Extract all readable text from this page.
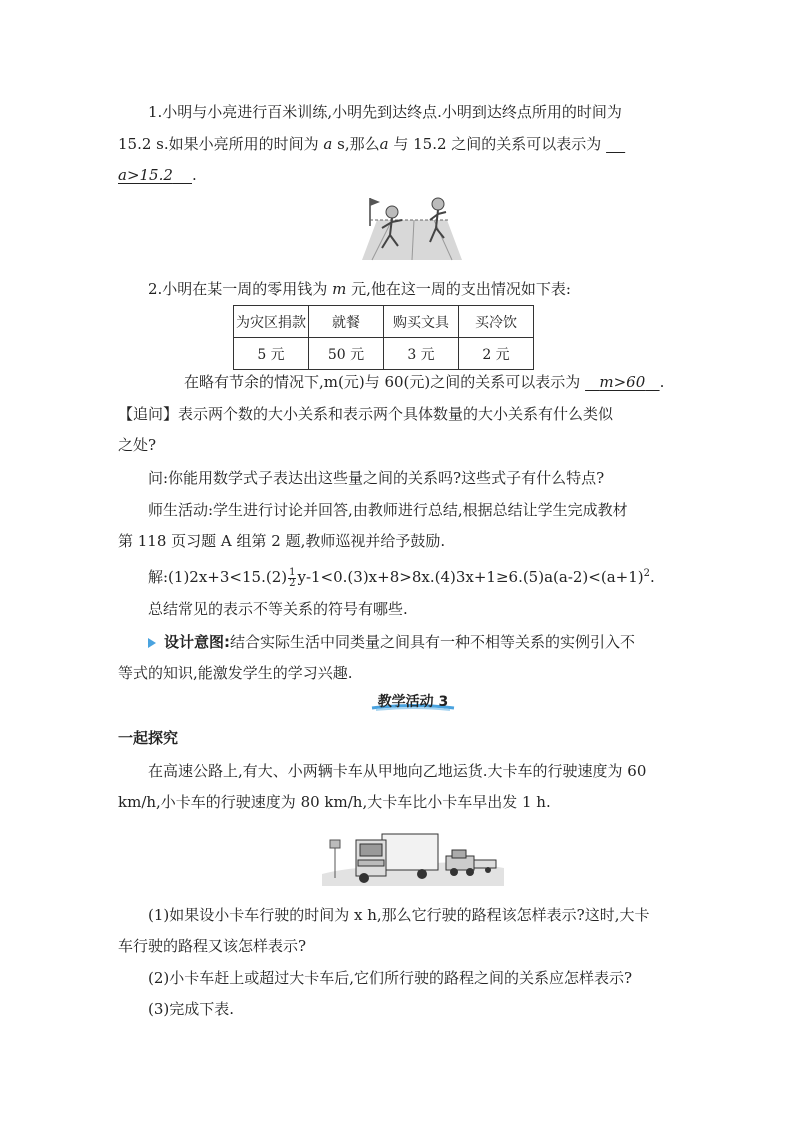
1.小明与小亮进行百米训练,小明先到达终点.小明到达终点所用的时间为
15.2 s.如果小亮所用的时间为 a s,那么a 与 15.2 之间的关系可以表示为
a>15.2 .
2.小明在某一周的零用钱为 m 元,他在这一周的支出情况如下表:
为灾区捐款	就餐	购买文具	买冷饮
5 元	50 元	3 元	2 元
在略有节余的情况下,m(元)与 60(元)之间的关系可以表示为 m>60 .
【追问】表示两个数的大小关系和表示两个具体数量的大小关系有什么类似
之处?
问:你能用数学式子表达出这些量之间的关系吗?这些式子有什么特点?
师生活动:学生进行讨论并回答,由教师进行总结,根据总结让学生完成教材
第 118 页习题 A 组第 2 题,教师巡视并给予鼓励.
解:(1)2x+3<15.(2) $\frac{1}{2} y-1<0.(3)x+8>8x.(4)3x+1\ge 6.(5)a(a-2)<(a+1)^2$.
总结常见的表示不等关系的符号有哪些.
设计意图:结合实际生活中同类量之间具有一种不相等关系的实例引入不
等式的知识,能激发学生的学习兴趣.
教学活动 3
一起探究
在高速公路上,有大、小两辆卡车从甲地向乙地运货.大卡车的行驶速度为 60
km/h,小卡车的行驶速度为 80 km/h,大卡车比小卡车早出发 1 h.
(1)如果设小卡车行驶的时间为 x h,那么它行驶的路程该怎样表示?这时,大卡
车行驶的路程又该怎样表示?
(2)小卡车赶上或超过大卡车后,它们所行驶的路程之间的关系应怎样表示?
(3)完成下表.
